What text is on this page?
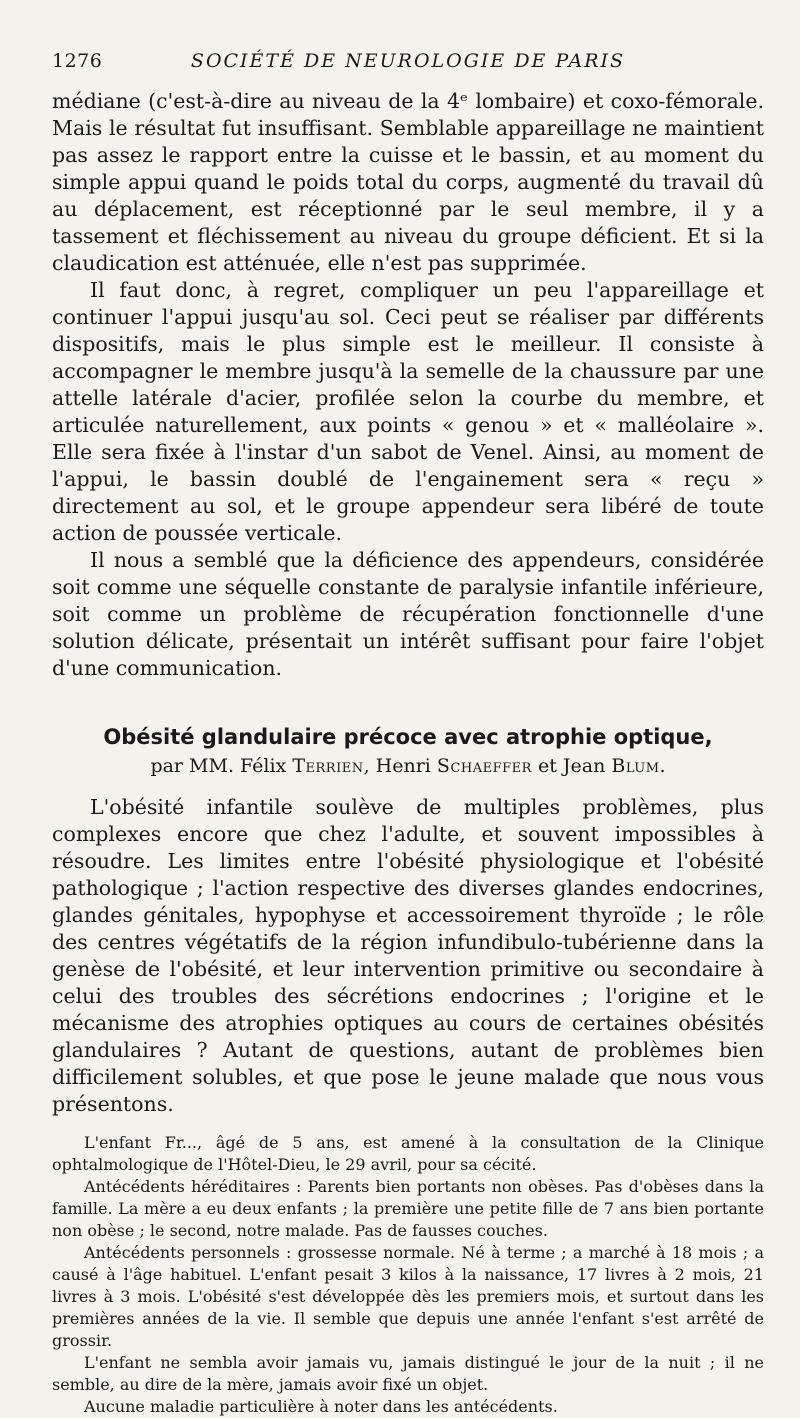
1276	SOCIÉTÉ DE NEUROLOGIE DE PARIS

médiane (c'est-à-dire au niveau de la 4ᵉ lombaire) et coxo-fémorale. Mais le résultat fut insuffisant. Semblable appareillage ne maintient pas assez le rapport entre la cuisse et le bassin, et au moment du simple appui quand le poids total du corps, augmenté du travail dû au déplacement, est réceptionné par le seul membre, il y a tassement et fléchissement au niveau du groupe déficient. Et si la claudication est atténuée, elle n'est pas supprimée.

Il faut donc, à regret, compliquer un peu l'appareillage et continuer l'appui jusqu'au sol. Ceci peut se réaliser par différents dispositifs, mais le plus simple est le meilleur. Il consiste à accompagner le membre jusqu'à la semelle de la chaussure par une attelle latérale d'acier, profilée selon la courbe du membre, et articulée naturellement, aux points « genou » et « malléolaire ». Elle sera fixée à l'instar d'un sabot de Venel. Ainsi, au moment de l'appui, le bassin doublé de l'engainement sera « reçu » directement au sol, et le groupe appendeur sera libéré de toute action de poussée verticale.

Il nous a semblé que la déficience des appendeurs, considérée soit comme une séquelle constante de paralysie infantile inférieure, soit comme un problème de récupération fonctionnelle d'une solution délicate, présentait un intérêt suffisant pour faire l'objet d'une communication.

Obésité glandulaire précoce avec atrophie optique,
par MM. Félix Terrien, Henri Schaeffer et Jean Blum.

L'obésité infantile soulève de multiples problèmes, plus complexes encore que chez l'adulte, et souvent impossibles à résoudre. Les limites entre l'obésité physiologique et l'obésité pathologique ; l'action respective des diverses glandes endocrines, glandes génitales, hypophyse et accessoirement thyroïde ; le rôle des centres végétatifs de la région infundibulo-tubérienne dans la genèse de l'obésité, et leur intervention primitive ou secondaire à celui des troubles des sécrétions endocrines ; l'origine et le mécanisme des atrophies optiques au cours de certaines obésités glandulaires ? Autant de questions, autant de problèmes bien difficilement solubles, et que pose le jeune malade que nous vous présentons.

L'enfant Fr..., âgé de 5 ans, est amené à la consultation de la Clinique ophtalmologique de l'Hôtel-Dieu, le 29 avril, pour sa cécité.

Antécédents héréditaires : Parents bien portants non obèses. Pas d'obèses dans la famille. La mère a eu deux enfants ; la première une petite fille de 7 ans bien portante non obèse ; le second, notre malade. Pas de fausses couches.

Antécédents personnels : grossesse normale. Né à terme ; a marché à 18 mois ; a causé à l'âge habituel. L'enfant pesait 3 kilos à la naissance, 17 livres à 2 mois, 21 livres à 3 mois. L'obésité s'est développée dès les premiers mois, et surtout dans les premières années de la vie. Il semble que depuis une année l'enfant s'est arrêté de grossir.

L'enfant ne sembla avoir jamais vu, jamais distingué le jour de la nuit ; il ne semble, au dire de la mère, jamais avoir fixé un objet.

Aucune maladie particulière à noter dans les antécédents.
